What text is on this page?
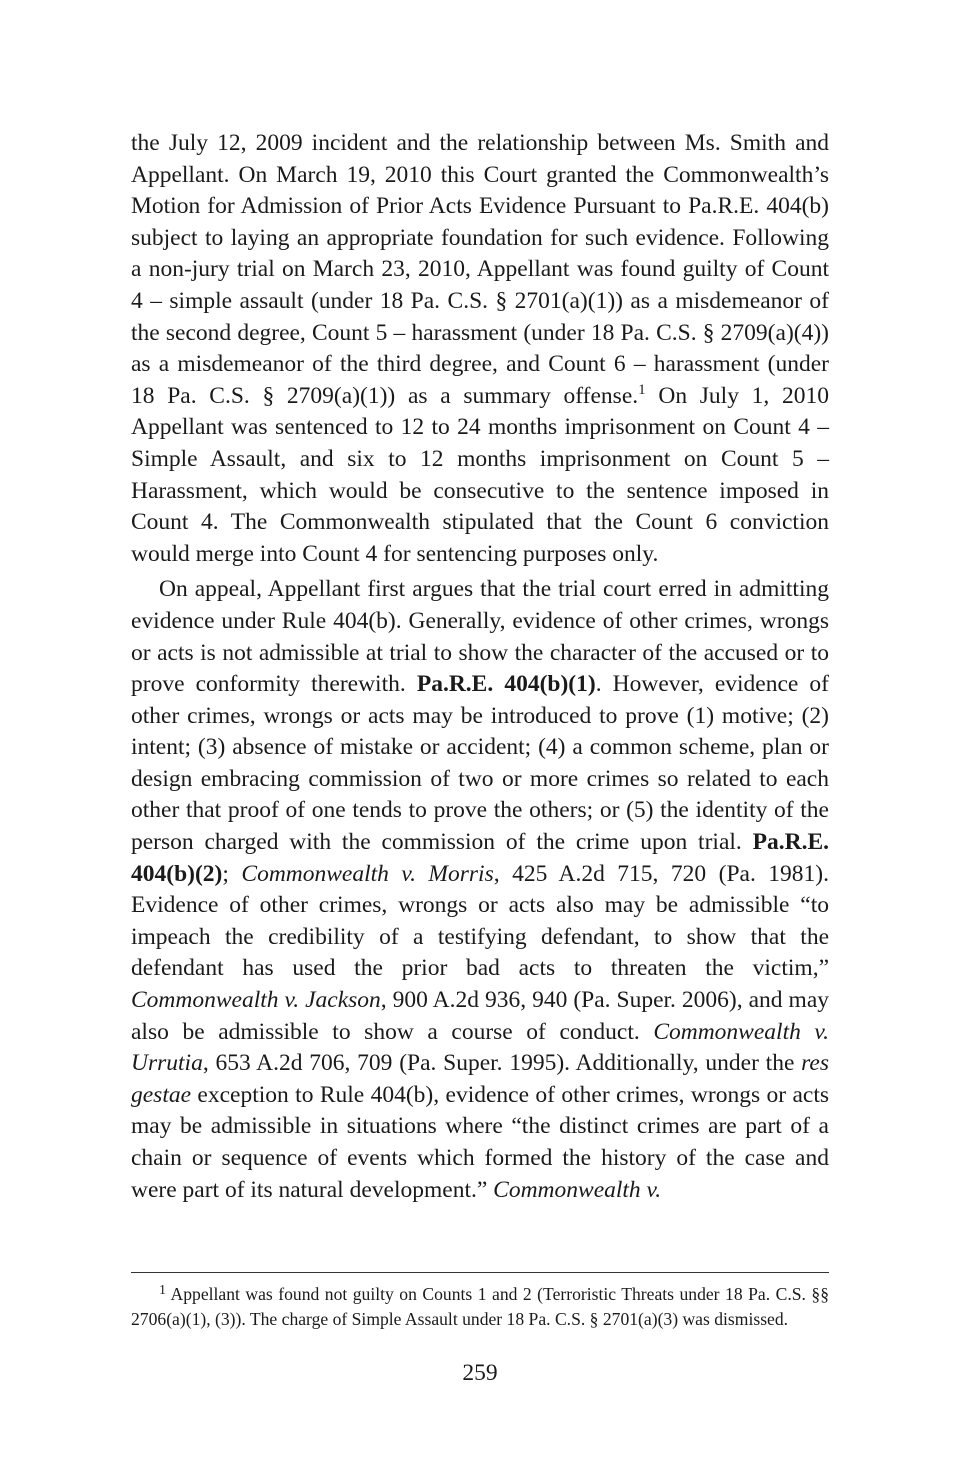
the July 12, 2009 incident and the relationship between Ms. Smith and Appellant. On March 19, 2010 this Court granted the Commonwealth’s Motion for Admission of Prior Acts Evidence Pursuant to Pa.R.E. 404(b) subject to laying an appropriate foundation for such evidence. Following a non-jury trial on March 23, 2010, Appellant was found guilty of Count 4 – simple assault (under 18 Pa. C.S. § 2701(a)(1)) as a misdemeanor of the second degree, Count 5 – harassment (under 18 Pa. C.S. § 2709(a)(4)) as a misdemeanor of the third degree, and Count 6 – harassment (under 18 Pa. C.S. § 2709(a)(1)) as a summary offense.$^1$ On July 1, 2010 Appellant was sentenced to 12 to 24 months imprisonment on Count 4 – Simple Assault, and six to 12 months imprisonment on Count 5 – Harassment, which would be consecutive to the sentence imposed in Count 4. The Commonwealth stipulated that the Count 6 conviction would merge into Count 4 for sentencing purposes only.

On appeal, Appellant first argues that the trial court erred in admitting evidence under Rule 404(b). Generally, evidence of other crimes, wrongs or acts is not admissible at trial to show the character of the accused or to prove conformity therewith. Pa.R.E. 404(b)(1). However, evidence of other crimes, wrongs or acts may be introduced to prove (1) motive; (2) intent; (3) absence of mistake or accident; (4) a common scheme, plan or design embracing commission of two or more crimes so related to each other that proof of one tends to prove the others; or (5) the identity of the person charged with the commission of the crime upon trial. Pa.R.E. 404(b)(2); Commonwealth v. Morris, 425 A.2d 715, 720 (Pa. 1981). Evidence of other crimes, wrongs or acts also may be admissible “to impeach the credibility of a testifying defendant, to show that the defendant has used the prior bad acts to threaten the victim,” Commonwealth v. Jackson, 900 A.2d 936, 940 (Pa. Super. 2006), and may also be admissible to show a course of conduct. Commonwealth v. Urrutia, 653 A.2d 706, 709 (Pa. Super. 1995). Additionally, under the res gestae exception to Rule 404(b), evidence of other crimes, wrongs or acts may be admissible in situations where “the distinct crimes are part of a chain or sequence of events which formed the history of the case and were part of its natural development.” Commonwealth v.

$^1$ Appellant was found not guilty on Counts 1 and 2 (Terroristic Threats under 18 Pa. C.S. §§ 2706(a)(1), (3)). The charge of Simple Assault under 18 Pa. C.S. § 2701(a)(3) was dismissed.

259
